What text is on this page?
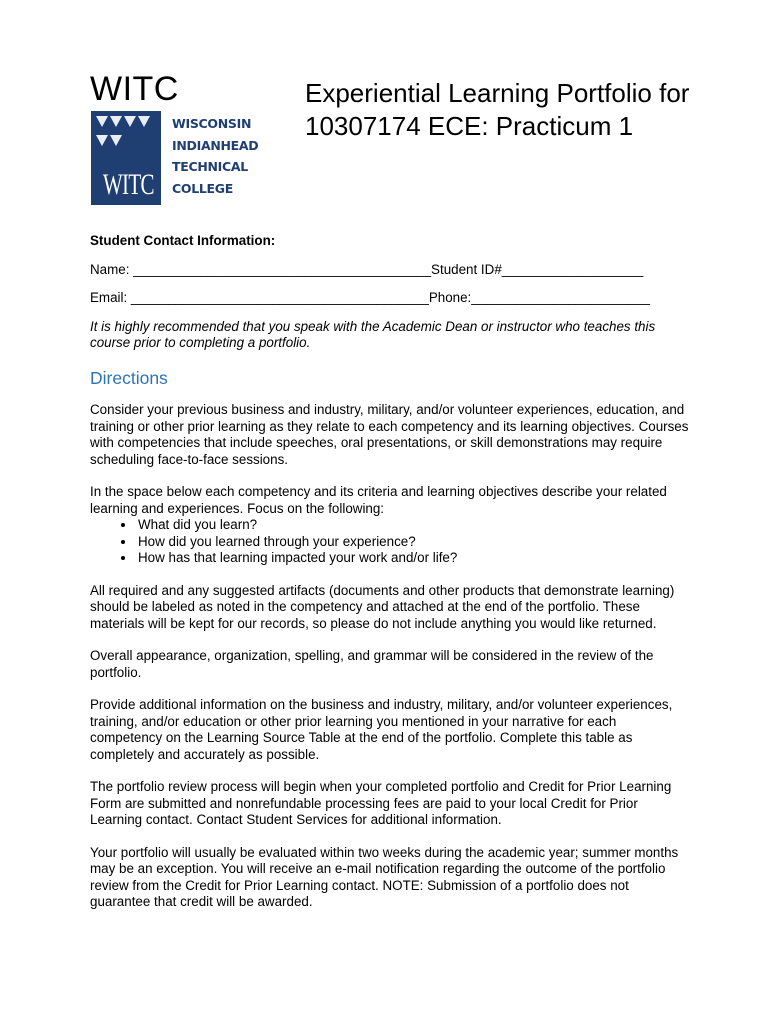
WITC
WITC
WISCONSIN
INDIANHEAD
TECHNICAL
COLLEGE
Experiential Learning Portfolio for
10307174 ECE: Practicum 1
Student Contact Information:
Name: ________________________________________Student ID#___________________
Email: ________________________________________Phone:________________________
It is highly recommended that you speak with the Academic Dean or instructor who teaches this course prior to completing a portfolio.
Directions

Consider your previous business and industry, military, and/or volunteer experiences, education, and training or other prior learning as they relate to each competency and its learning objectives. Courses with competencies that include speeches, oral presentations, or skill demonstrations may require scheduling face-to-face sessions.

In the space below each competency and its criteria and learning objectives describe your related learning and experiences. Focus on the following:

• What did you learn?
• How did you learned through your experience?
• How has that learning impacted your work and/or life?

All required and any suggested artifacts (documents and other products that demonstrate learning) should be labeled as noted in the competency and attached at the end of the portfolio. These materials will be kept for our records, so please do not include anything you would like returned.

Overall appearance, organization, spelling, and grammar will be considered in the review of the portfolio.

Provide additional information on the business and industry, military, and/or volunteer experiences, training, and/or education or other prior learning you mentioned in your narrative for each competency on the Learning Source Table at the end of the portfolio. Complete this table as completely and accurately as possible.

The portfolio review process will begin when your completed portfolio and Credit for Prior Learning Form are submitted and nonrefundable processing fees are paid to your local Credit for Prior Learning contact. Contact Student Services for additional information.

Your portfolio will usually be evaluated within two weeks during the academic year; summer months may be an exception. You will receive an e-mail notification regarding the outcome of the portfolio review from the Credit for Prior Learning contact. NOTE: Submission of a portfolio does not guarantee that credit will be awarded.
